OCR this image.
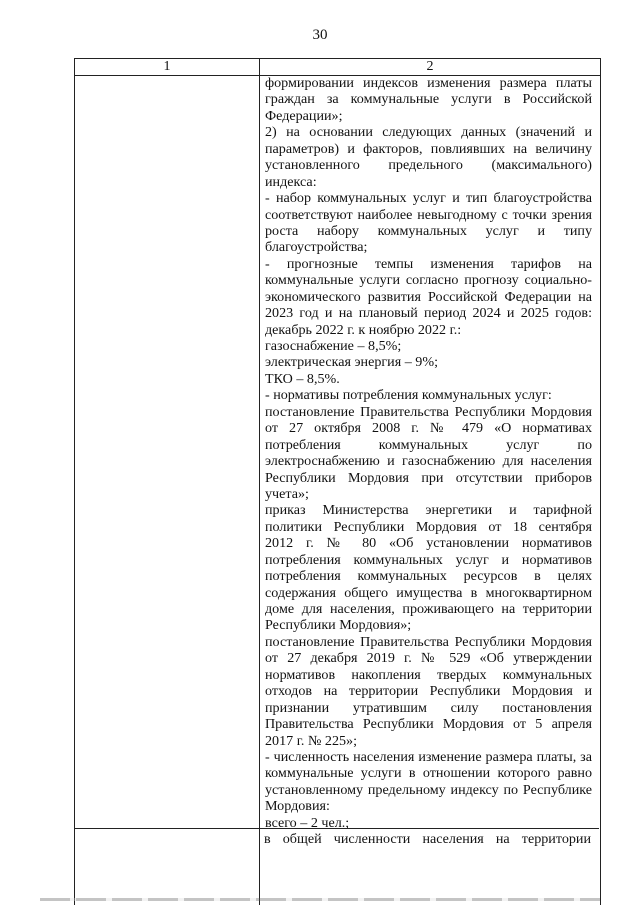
30
1	2
формировании индексов изменения размера платы
граждан за коммунальные услуги в Российской
Федерации»;
2) на основании следующих данных (значений и
параметров) и факторов, повлиявших на величину
установленного предельного (максимального)
индекса:
- набор коммунальных услуг и тип благоустройства
соответствуют наиболее невыгодному с точки зрения
роста набору коммунальных услуг и типу
благоустройства;
- прогнозные темпы изменения тарифов на
коммунальные услуги согласно прогнозу социально-
экономического развития Российской Федерации на
2023 год и на плановый период 2024 и 2025 годов:
декабрь 2022 г. к ноябрю 2022 г.:
газоснабжение – 8,5%;
электрическая энергия – 9%;
ТКО – 8,5%.
- нормативы потребления коммунальных услуг:
постановление Правительства Республики Мордовия
от 27 октября 2008 г. № 479 «О нормативах
потребления коммунальных услуг по
электроснабжению и газоснабжению для населения
Республики Мордовия при отсутствии приборов
учета»;
приказ Министерства энергетики и тарифной
политики Республики Мордовия от 18 сентября
2012 г. № 80 «Об установлении нормативов
потребления коммунальных услуг и нормативов
потребления коммунальных ресурсов в целях
содержания общего имущества в многоквартирном
доме для населения, проживающего на территории
Республики Мордовия»;
постановление Правительства Республики Мордовия
от 27 декабря 2019 г. № 529 «Об утверждении
нормативов накопления твердых коммунальных
отходов на территории Республики Мордовия и
признании утратившим силу постановления
Правительства Республики Мордовия от 5 апреля
2017 г. № 225»;
- численность населения изменение размера платы, за
коммунальные услуги в отношении которого равно
установленному предельному индексу по Республике
Мордовия:
всего – 2 чел.;
в общей численности населения на территории
